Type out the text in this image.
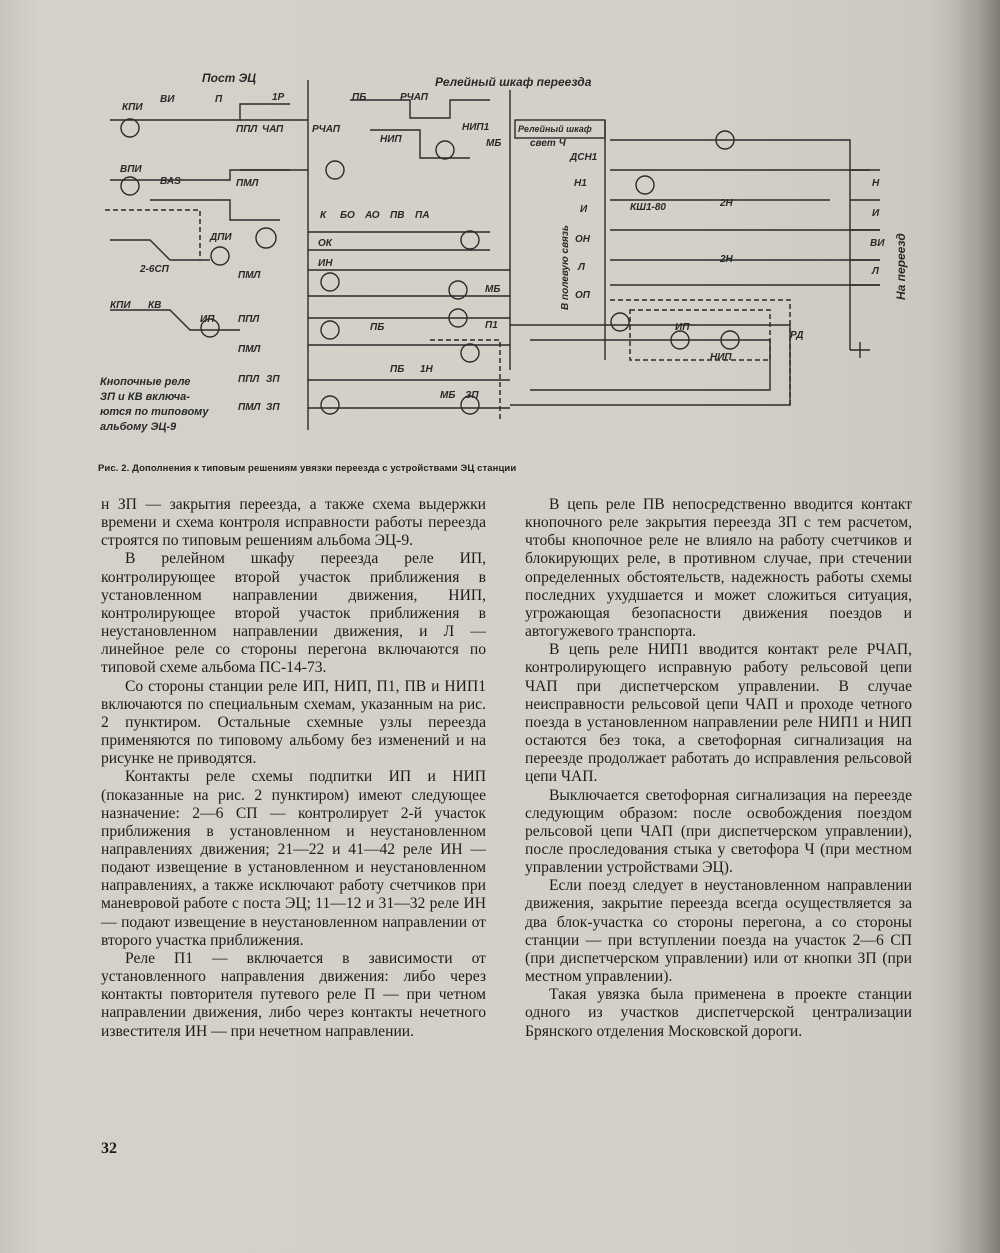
Пост ЭЦ	Релейный шкаф переезда
КПИ
ВИ	П	1Р
ППЛ ЧАП	РЧАП
ПБ	РЧАП
НИП
НИП1
МБ
ВПИ
ВАS	ПМЛ
К БО АО ПВ ПА
ОК
ИН
ДПИ
2-6СП
ПМЛ
КПИ КВ
ИП ППЛ
ПМЛ
ППЛ
ПМЛ
ЗП
ЗП
Кнопочные реле
ЗП и КВ включа-
ются по типовому
альбому ЭЦ-9
ПБ
ПБ 1Н
МБ
МБ
П1
ЗП
Релейный шкаф
свет Ч
ДСН1
Н1
И
ОН
Л
ОП
КШ1-80	2Н
2Н
ИП
НИП
Н
И
ВИ
Л
РД
На переезд
В полевую связь
Рис. 2. Дополнения к типовым решениям увязки переезда с устройствами ЭЦ станции

н ЗП — закрытия переезда, а также схема выдержки времени и схема контроля исправности работы переезда строятся по типовым решениям альбома ЭЦ-9.

В релейном шкафу переезда реле ИП, контролирующее второй участок приближения в установленном направлении движения, НИП, контролирующее второй участок приближения в неустановленном направлении движения, и Л — линейное реле со стороны перегона включаются по типовой схеме альбома ПС-14-73.

Со стороны станции реле ИП, НИП, П1, ПВ и НИП1 включаются по специальным схемам, указанным на рис. 2 пунктиром. Остальные схемные узлы переезда применяются по типовому альбому без изменений и на рисунке не приводятся.

Контакты реле схемы подпитки ИП и НИП (показанные на рис. 2 пунктиром) имеют следующее назначение: 2—6 СП — контролирует 2-й участок приближения в установленном и неустановленном направлениях движения; 21—22 и 41—42 реле ИН — подают извещение в установленном и неустановленном направлениях, а также исключают работу счетчиков при маневровой работе с поста ЭЦ; 11—12 и 31—32 реле ИН — подают извещение в неустановленном направлении от второго участка приближения.

Реле П1 — включается в зависимости от установленного направления движения: либо через контакты повторителя путевого реле П — при четном направлении движения, либо через контакты нечетного известителя ИН — при нечетном направлении.

В цепь реле ПВ непосредственно вводится контакт кнопочного реле закрытия переезда ЗП с тем расчетом, чтобы кнопочное реле не влияло на работу счетчиков и блокирующих реле, в противном случае, при стечении определенных обстоятельств, надежность работы схемы последних ухудшается и может сложиться ситуация, угрожающая безопасности движения поездов и автогужевого транспорта.

В цепь реле НИП1 вводится контакт реле РЧАП, контролирующего исправную работу рельсовой цепи ЧАП при диспетчерском управлении. В случае неисправности рельсовой цепи ЧАП и проходе четного поезда в установленном направлении реле НИП1 и НИП остаются без тока, а светофорная сигнализация на переезде продолжает работать до исправления рельсовой цепи ЧАП.

Выключается светофорная сигнализация на переезде следующим образом: после освобождения поездом рельсовой цепи ЧАП (при диспетчерском управлении), после проследования стыка у светофора Ч (при местном управлении устройствами ЭЦ).

Если поезд следует в неустановленном направлении движения, закрытие переезда всегда осуществляется за два блок-участка со стороны перегона, а со стороны станции — при вступлении поезда на участок 2—6 СП (при диспетчерском управлении) или от кнопки ЗП (при местном управлении).

Такая увязка была применена в проекте станции одного из участков диспетчерской централизации Брянского отделения Московской дороги.

32
